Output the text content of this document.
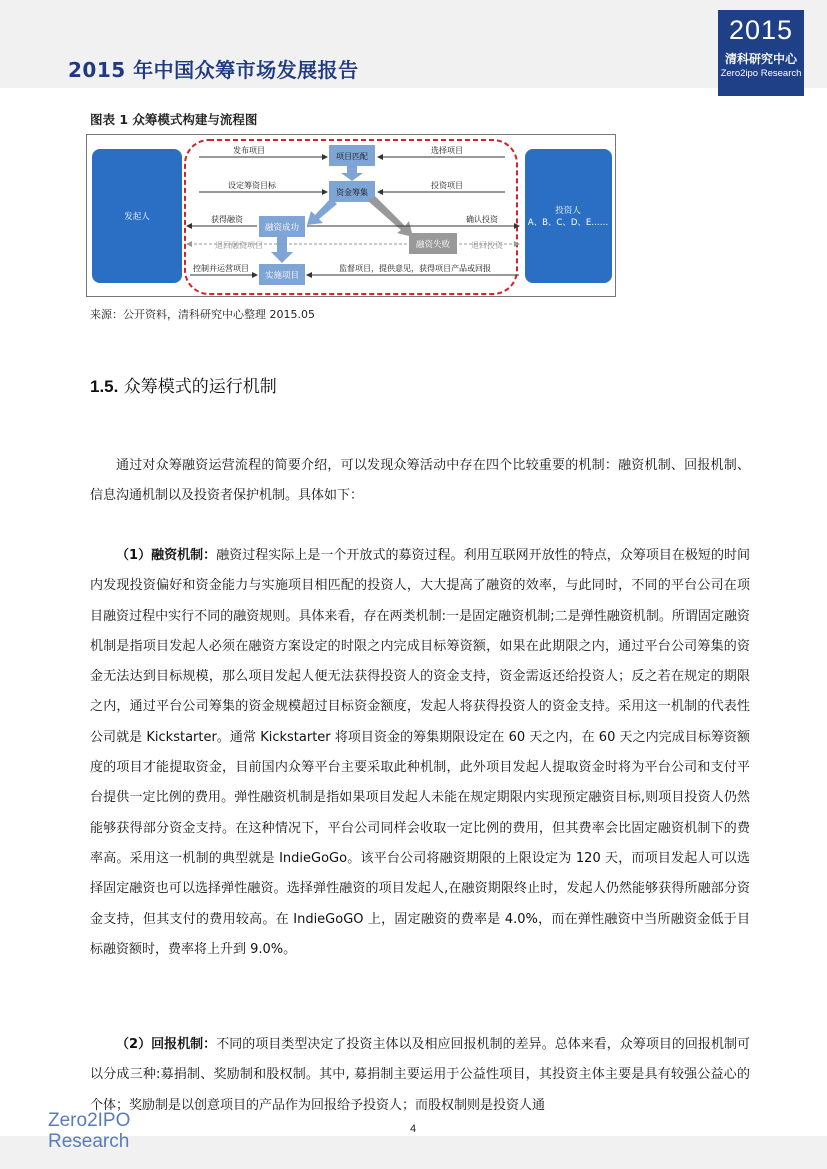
2015 年中国众筹市场发展报告
2015
清科研究中心
Zero2ipo Research
图表 1 众筹模式构建与流程图
发起人
投资人
A、B、C、D、E……
项目匹配
资金筹集
融资成功
融资失败
实施项目
发布项目	选择项目
设定筹资目标	投资项目
获得融资	确认投资
退回融资项目	退回投资
控制并运营项目	监督项目，提供意见，获得项目产品或回报
来源：公开资料，清科研究中心整理 2015.05
1.5. 众筹模式的运行机制
通过对众筹融资运营流程的简要介绍，可以发现众筹活动中存在四个比较重要的机制：融资机制、回报机制、信息沟通机制以及投资者保护机制。具体如下：
（1）融资机制：融资过程实际上是一个开放式的募资过程。利用互联网开放性的特点，众筹项目在极短的时间内发现投资偏好和资金能力与实施项目相匹配的投资人，大大提高了融资的效率，与此同时，不同的平台公司在项目融资过程中实行不同的融资规则。具体来看，存在两类机制:一是固定融资机制;二是弹性融资机制。所谓固定融资机制是指项目发起人必须在融资方案设定的时限之内完成目标筹资额，如果在此期限之内，通过平台公司筹集的资金无法达到目标规模，那么项目发起人便无法获得投资人的资金支持，资金需返还给投资人；反之若在规定的期限之内，通过平台公司筹集的资金规模超过目标资金额度，发起人将获得投资人的资金支持。采用这一机制的代表性公司就是 Kickstarter。通常 Kickstarter 将项目资金的筹集期限设定在 60 天之内，在 60 天之内完成目标筹资额度的项目才能提取资金，目前国内众筹平台主要采取此种机制，此外项目发起人提取资金时将为平台公司和支付平台提供一定比例的费用。弹性融资机制是指如果项目发起人未能在规定期限内实现预定融资目标,则项目投资人仍然能够获得部分资金支持。在这种情况下，平台公司同样会收取一定比例的费用，但其费率会比固定融资机制下的费率高。采用这一机制的典型就是 IndieGoGo。该平台公司将融资期限的上限设定为 120 天，而项目发起人可以选择固定融资也可以选择弹性融资。选择弹性融资的项目发起人,在融资期限终止时，发起人仍然能够获得所融部分资金支持，但其支付的费用较高。在 IndieGoGO 上，固定融资的费率是 4.0%，而在弹性融资中当所融资金低于目标融资额时，费率将上升到 9.0%。
（2）回报机制：不同的项目类型决定了投资主体以及相应回报机制的差异。总体来看，众筹项目的回报机制可以分成三种:募捐制、奖励制和股权制。其中, 募捐制主要运用于公益性项目，其投资主体主要是具有较强公益心的个体；奖励制是以创意项目的产品作为回报给予投资人；而股权制则是投资人通
4
Zero2IPO
Research
